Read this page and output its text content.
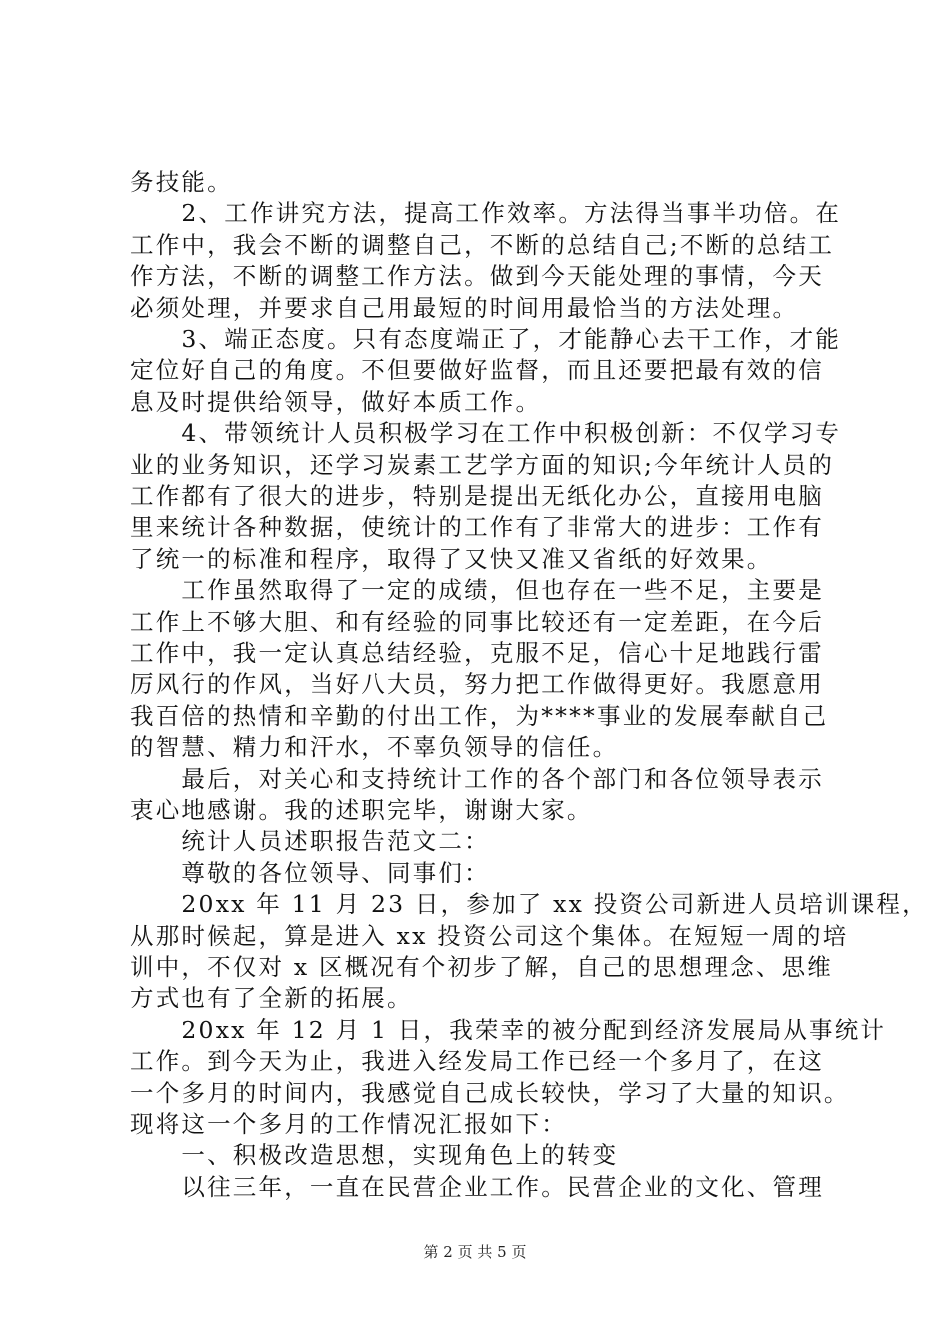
务技能。
　　2、工作讲究方法，提高工作效率。方法得当事半功倍。在
工作中，我会不断的调整自己，不断的总结自己;不断的总结工
作方法，不断的调整工作方法。做到今天能处理的事情，今天
必须处理，并要求自己用最短的时间用最恰当的方法处理。
　　3、端正态度。只有态度端正了，才能静心去干工作，才能
定位好自己的角度。不但要做好监督，而且还要把最有效的信
息及时提供给领导，做好本质工作。
　　4、带领统计人员积极学习在工作中积极创新：不仅学习专
业的业务知识，还学习炭素工艺学方面的知识;今年统计人员的
工作都有了很大的进步，特别是提出无纸化办公，直接用电脑
里来统计各种数据，使统计的工作有了非常大的进步：工作有
了统一的标准和程序，取得了又快又准又省纸的好效果。
　　工作虽然取得了一定的成绩，但也存在一些不足，主要是
工作上不够大胆、和有经验的同事比较还有一定差距，在今后
工作中，我一定认真总结经验，克服不足，信心十足地践行雷
厉风行的作风，当好八大员，努力把工作做得更好。我愿意用
我百倍的热情和辛勤的付出工作，为****事业的发展奉献自己
的智慧、精力和汗水，不辜负领导的信任。
　　最后，对关心和支持统计工作的各个部门和各位领导表示
衷心地感谢。我的述职完毕，谢谢大家。
　　统计人员述职报告范文二：
　　尊敬的各位领导、同事们：
　　20xx 年 11 月 23 日，参加了 xx 投资公司新进人员培训课程，
从那时候起，算是进入 xx 投资公司这个集体。在短短一周的培
训中，不仅对 x 区概况有个初步了解，自己的思想理念、思维
方式也有了全新的拓展。
　　20xx 年 12 月 1 日，我荣幸的被分配到经济发展局从事统计
工作。到今天为止，我进入经发局工作已经一个多月了，在这
一个多月的时间内，我感觉自己成长较快，学习了大量的知识。
现将这一个多月的工作情况汇报如下：
　　一、积极改造思想，实现角色上的转变
　　以往三年，一直在民营企业工作。民营企业的文化、管理
第 2 页 共 5 页
